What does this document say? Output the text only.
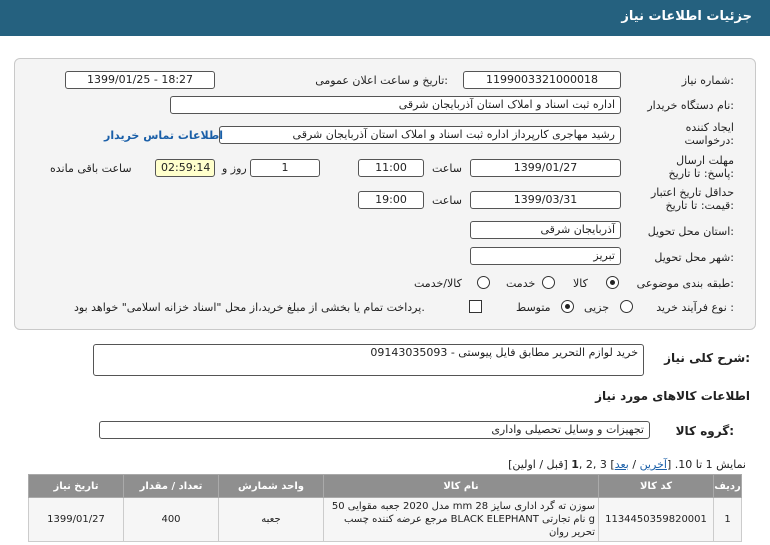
جزئیات اطلاعات نیاز
شماره نیاز:
1199003321000018
تاریخ و ساعت اعلان عمومی:
1399/01/25 - 18:27
نام دستگاه خریدار:
اداره ثبت اسناد و املاک استان آذربایجان شرقی
ایجاد کننده درخواست:
رشید مهاجری کارپرداز اداره ثبت اسناد و املاک استان آذربایجان شرقی
اطلاعات تماس خریدار
مهلت ارسال پاسخ: تا تاریخ:
1399/01/27
ساعت
11:00
1
روز و
02:59:14
ساعت باقی مانده
حداقل تاریخ اعتبار قیمت: تا تاریخ:
1399/03/31
ساعت
19:00
استان محل تحویل:
آذربایجان شرقی
شهر محل تحویل:
تبریز
طبقه بندی موضوعی:
کالا
خدمت
کالا/خدمت
نوع فرآیند خرید :
جزیی
متوسط
پرداخت تمام یا بخشی از مبلغ خرید،از محل "اسناد خزانه اسلامی" خواهد بود.
شرح کلی نیاز:
خرید لوازم التحریر مطابق فایل پیوستی - 09143035093
اطلاعات کالاهای مورد نیاز
گروه کالا:
تجهیزات و وسایل تحصیلی واداری
نمایش 1 تا 10. [آخرین / بعد] 3 ,2 ,1 [قبل / اولین]
ردیف	کد کالا	نام کالا	واحد شمارش	تعداد / مقدار	تاریخ نیاز
1	1134450359820001	سوزن ته گرد اداری سایز 28 mm مدل 2020 جعبه مقوایی 50 g نام تجارتی BLACK ELEPHANT مرجع عرضه کننده چسب تحریر روان	جعبه	400	1399/01/27
